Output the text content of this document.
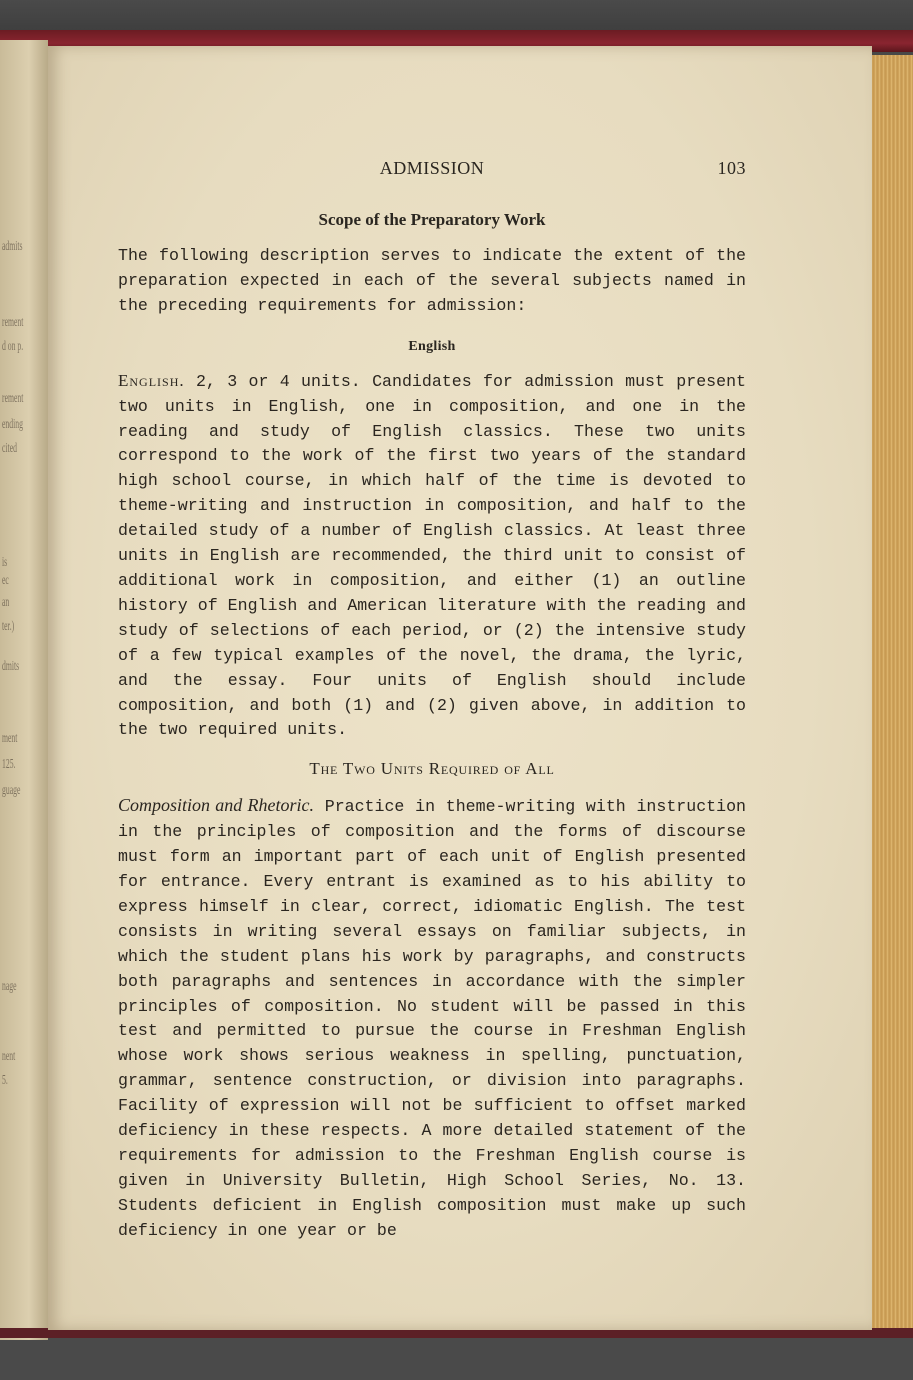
admits
rement
d on p.
rement
ending
cited
is
ec
an
ter.)
dmits
ment
125.
guage
nage
nent
5.
ADMISSION	103
Scope of the Preparatory Work

The following description serves to indicate the extent of the preparation expected in each of the several subjects named in the preceding requirements for admission:

English

English. 2, 3 or 4 units. Candidates for admission must present two units in English, one in composition, and one in the reading and study of English classics. These two units correspond to the work of the first two years of the standard high school course, in which half of the time is devoted to theme-writing and instruction in composition, and half to the detailed study of a number of English classics. At least three units in English are recommended, the third unit to consist of additional work in composition, and either (1) an outline history of English and American literature with the reading and study of selections of each period, or (2) the intensive study of a few typical examples of the novel, the drama, the lyric, and the essay. Four units of English should include composition, and both (1) and (2) given above, in addition to the two required units.

The Two Units Required of All

Composition and Rhetoric. Practice in theme-writing with instruction in the principles of composition and the forms of discourse must form an important part of each unit of English presented for entrance. Every entrant is examined as to his ability to express himself in clear, correct, idiomatic English. The test consists in writing several essays on familiar subjects, in which the student plans his work by paragraphs, and constructs both paragraphs and sentences in accordance with the simpler principles of composition. No student will be passed in this test and permitted to pursue the course in Freshman English whose work shows serious weakness in spelling, punctuation, grammar, sentence construction, or division into paragraphs. Facility of expression will not be sufficient to offset marked deficiency in these respects. A more detailed statement of the requirements for admission to the Freshman English course is given in University Bulletin, High School Series, No. 13. Students deficient in English composition must make up such deficiency in one year or be
